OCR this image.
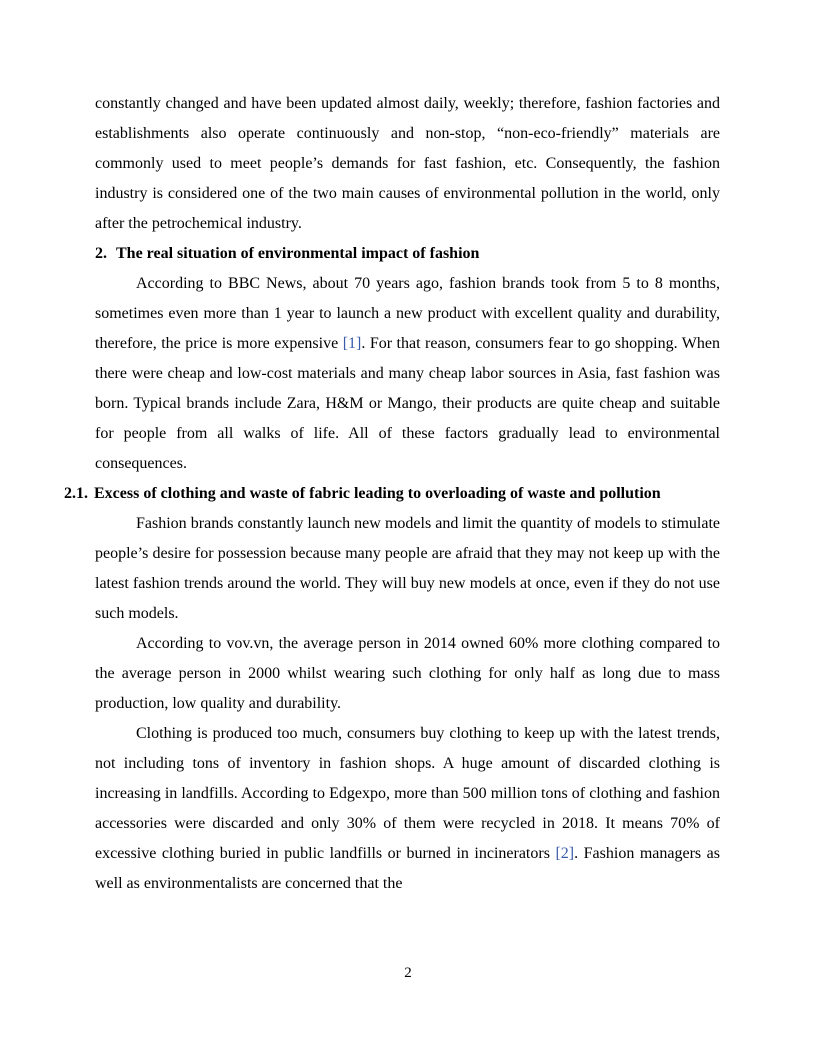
constantly changed and have been updated almost daily, weekly; therefore, fashion factories and establishments also operate continuously and non-stop, “non-eco-friendly” materials are commonly used to meet people’s demands for fast fashion, etc. Consequently, the fashion industry is considered one of the two main causes of environmental pollution in the world, only after the petrochemical industry.

2. The real situation of environmental impact of fashion

According to BBC News, about 70 years ago, fashion brands took from 5 to 8 months, sometimes even more than 1 year to launch a new product with excellent quality and durability, therefore, the price is more expensive [1]. For that reason, consumers fear to go shopping. When there were cheap and low-cost materials and many cheap labor sources in Asia, fast fashion was born. Typical brands include Zara, H&M or Mango, their products are quite cheap and suitable for people from all walks of life. All of these factors gradually lead to environmental consequences.

2.1. Excess of clothing and waste of fabric leading to overloading of waste and pollution

Fashion brands constantly launch new models and limit the quantity of models to stimulate people’s desire for possession because many people are afraid that they may not keep up with the latest fashion trends around the world. They will buy new models at once, even if they do not use such models.

According to vov.vn, the average person in 2014 owned 60% more clothing compared to the average person in 2000 whilst wearing such clothing for only half as long due to mass production, low quality and durability.

Clothing is produced too much, consumers buy clothing to keep up with the latest trends, not including tons of inventory in fashion shops. A huge amount of discarded clothing is increasing in landfills. According to Edgexpo, more than 500 million tons of clothing and fashion accessories were discarded and only 30% of them were recycled in 2018. It means 70% of excessive clothing buried in public landfills or burned in incinerators [2]. Fashion managers as well as environmentalists are concerned that the

2
